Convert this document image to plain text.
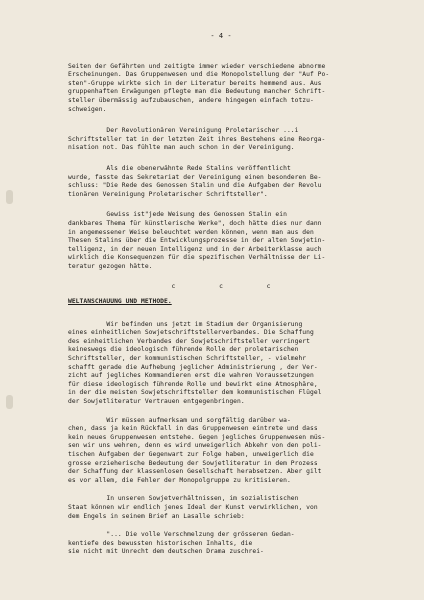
- 4 -

Seiten der Gefährten und zeitigte immer wieder verschiedene abnorme
Erscheinungen. Das Gruppenwesen und die Monopolstellung der "Auf Po-
sten"-Gruppe wirkte sich in der Literatur bereits hemmend aus. Aus
gruppenhaften Erwägungen pflegte man die Bedeutung mancher Schrift-
steller übermässig aufzubauschen, andere hingegen einfach totzu-
schweigen.

Der Revolutionären Vereinigung Proletarischer ...i
Schriftsteller tat in der letzten Zeit ihres Bestehens eine Reorga-
nisation not. Das fühlte man auch schon in der Vereinigung.

Als die obenerwähnte Rede Stalins veröffentlicht
wurde, fasste das Sekretariat der Vereinigung einen besonderen Be-
schluss: "Die Rede des Genossen Stalin und die Aufgaben der Revolu
tionären Vereinigung Proletarischer Schriftsteller".

Gewiss ist"jede Weisung des Genossen Stalin ein
dankbares Thema für künstlerische Werke", doch hätte dies nur dann
in angemessener Weise beleuchtet werden können, wenn man aus den
Thesen Stalins über die Entwicklungsprozesse in der alten Sowjetin-
telligenz, in der neuen Intelligenz und in der Arbeiterklasse auch
wirklich die Konsequenzen für die spezifischen Verhältnisse der Li-
teratur gezogen hätte.

c c c
WELTANSCHAUUNG UND METHODE.

Wir befinden uns jetzt im Stadium der Organisierung
eines einheitlichen Sowjetschriftstellerverbandes. Die Schaffung
des einheitlichen Verbandes der Sowjetschriftsteller verringert
keineswegs die ideologisch führende Rolle der proletarischen
Schriftsteller, der kommunistischen Schriftsteller, - vielmehr
schafft gerade die Aufhebung jeglicher Administrierung , der Ver-
zicht auf jegliches Kommandieren erst die wahren Voraussetzungen
für diese ideologisch führende Rolle und bewirkt eine Atmosphäre,
in der die meisten Sowjetschriftsteller dem kommunistischen Flügel
der Sowjetliteratur Vertrauen entgegenbringen.

Wir müssen aufmerksam und sorgfältig darüber wa-
chen, dass ja kein Rückfall in das Gruppenwesen eintrete und dass
kein neues Gruppenwesen entstehe. Gegen jegliches Gruppenwesen müs-
sen wir uns wehren, denn es wird unweigerlich Abkehr von den poli-
tischen Aufgaben der Gegenwart zur Folge haben, unweigerlich die
grosse erzieherische Bedeutung der Sowjetliteratur in dem Prozess
der Schaffung der klassenlosen Gesellschaft herabsetzen. Aber gilt
es vor allem, die Fehler der Monopolgruppe zu kritisieren.

In unseren Sowjetverhältnissen, im sozialistischen
Staat können wir endlich jenes Ideal der Kunst verwirklichen, von
dem Engels in seinem Brief an Lasalle schrieb:

"... Die volle Verschmelzung der grösseren Gedan-
kentiefe des bewussten historischen Inhalts, die
sie nicht mit Unrecht dem deutschen Drama zuschrei-
